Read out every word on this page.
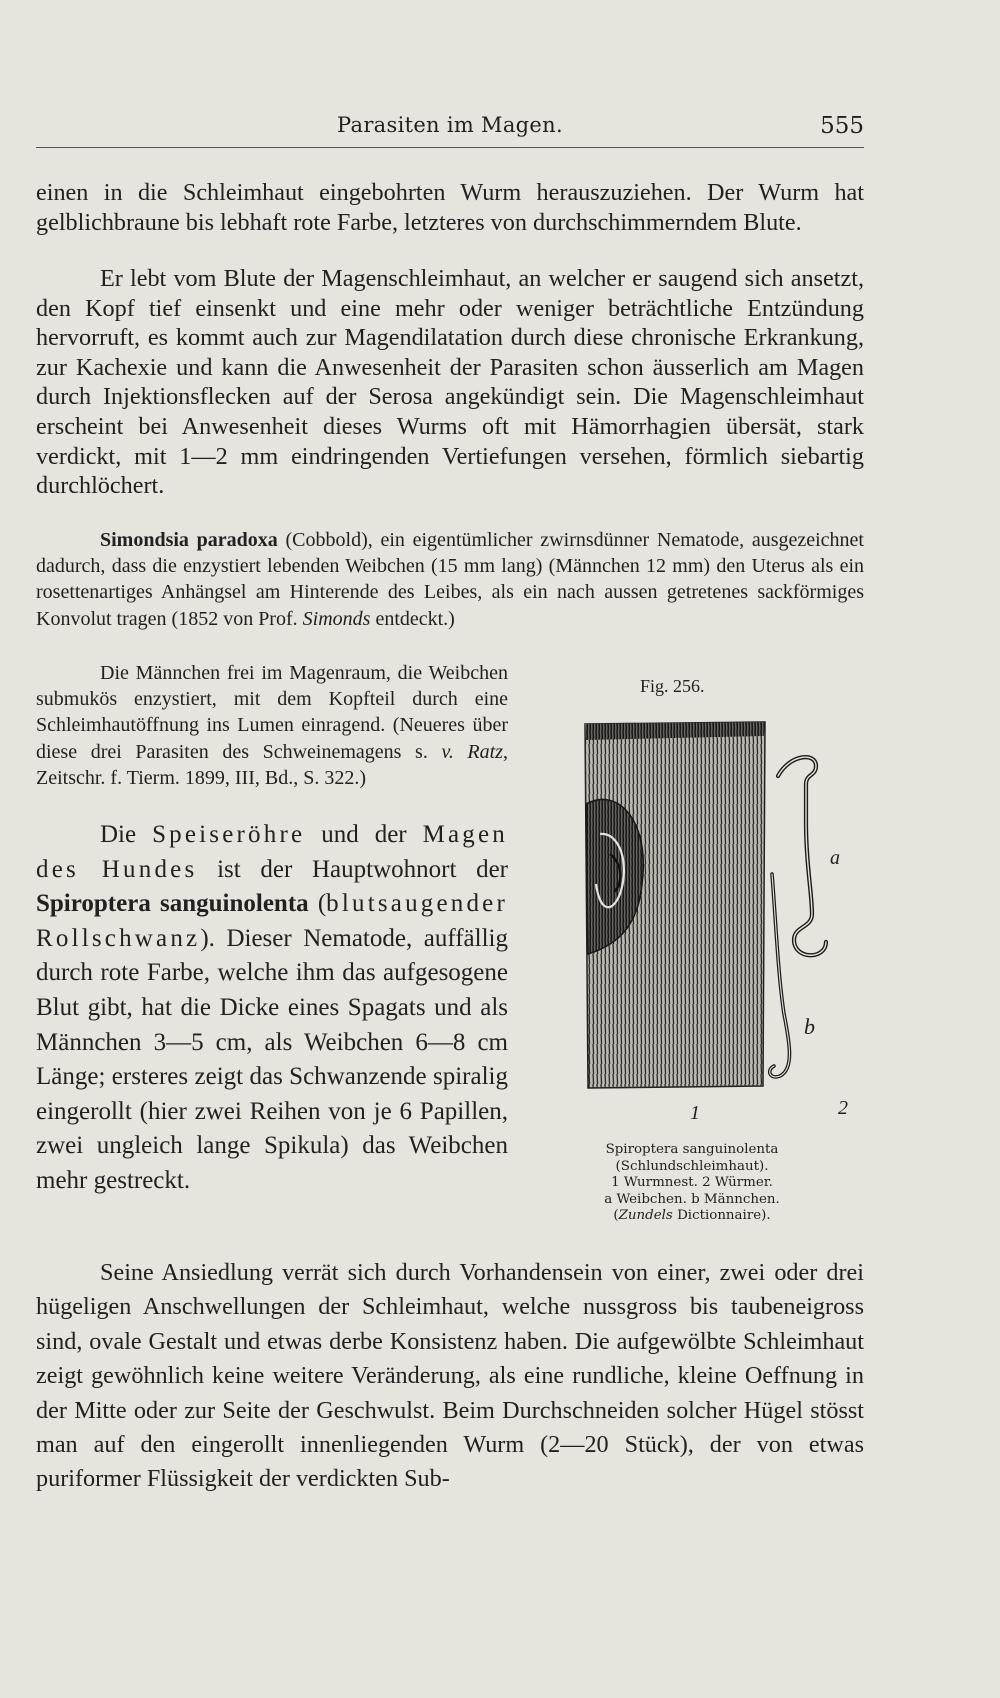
Parasiten im Magen.	555

einen in die Schleimhaut eingebohrten Wurm herauszuziehen. Der Wurm hat gelblichbraune bis lebhaft rote Farbe, letzteres von durchschimmerndem Blute.

Er lebt vom Blute der Magenschleimhaut, an welcher er saugend sich ansetzt, den Kopf tief einsenkt und eine mehr oder weniger beträchtliche Entzündung hervorruft, es kommt auch zur Magendilatation durch diese chronische Erkrankung, zur Kachexie und kann die Anwesenheit der Parasiten schon äusserlich am Magen durch Injektionsflecken auf der Serosa angekündigt sein. Die Magenschleimhaut erscheint bei Anwesenheit dieses Wurms oft mit Hämorrhagien übersät, stark verdickt, mit 1—2 mm eindringenden Vertiefungen versehen, förmlich siebartig durchlöchert.

Simondsia paradoxa (Cobbold), ein eigentümlicher zwirnsdünner Nematode, ausgezeichnet dadurch, dass die enzystiert lebenden Weibchen (15 mm lang) (Männchen 12 mm) den Uterus als ein rosettenartiges Anhängsel am Hinterende des Leibes, als ein nach aussen getretenes sackförmiges Konvolut tragen (1852 von Prof. Simonds entdeckt.)

Die Männchen frei im Magenraum, die Weibchen submukös enzystiert, mit dem Kopfteil durch eine Schleimhautöffnung ins Lumen einragend. (Neueres über diese drei Parasiten des Schweinemagens s. v. Ratz, Zeitschr. f. Tierm. 1899, III, Bd., S. 322.)

Die Speiseröhre und der Magen des Hundes ist der Hauptwohnort der Spiroptera sanguinolenta (blutsaugender Rollschwanz). Dieser Nematode, auffällig durch rote Farbe, welche ihm das aufgesogene Blut gibt, hat die Dicke eines Spagats und als Männchen 3—5 cm, als Weibchen 6—8 cm Länge; ersteres zeigt das Schwanzende spiralig eingerollt (hier zwei Reihen von je 6 Papillen, zwei ungleich lange Spikula) das Weibchen mehr gestreckt.

Seine Ansiedlung verrät sich durch Vorhandensein von einer, zwei oder drei hügeligen Anschwellungen der Schleimhaut, welche nussgross bis taubeneigross sind, ovale Gestalt und etwas derbe Konsistenz haben. Die aufgewölbte Schleimhaut zeigt gewöhnlich keine weitere Veränderung, als eine rundliche, kleine Oeffnung in der Mitte oder zur Seite der Geschwulst. Beim Durchschneiden solcher Hügel stösst man auf den eingerollt innenliegenden Wurm (2—20 Stück), der von etwas puriformer Flüssigkeit der verdickten Sub-

Fig. 256.
a
b
1	2
Spiroptera sanguinolenta (Schlundschleimhaut).
1 Wurmnest. 2 Würmer.
a Weibchen. b Männchen.
(Zundels Dictionnaire).
